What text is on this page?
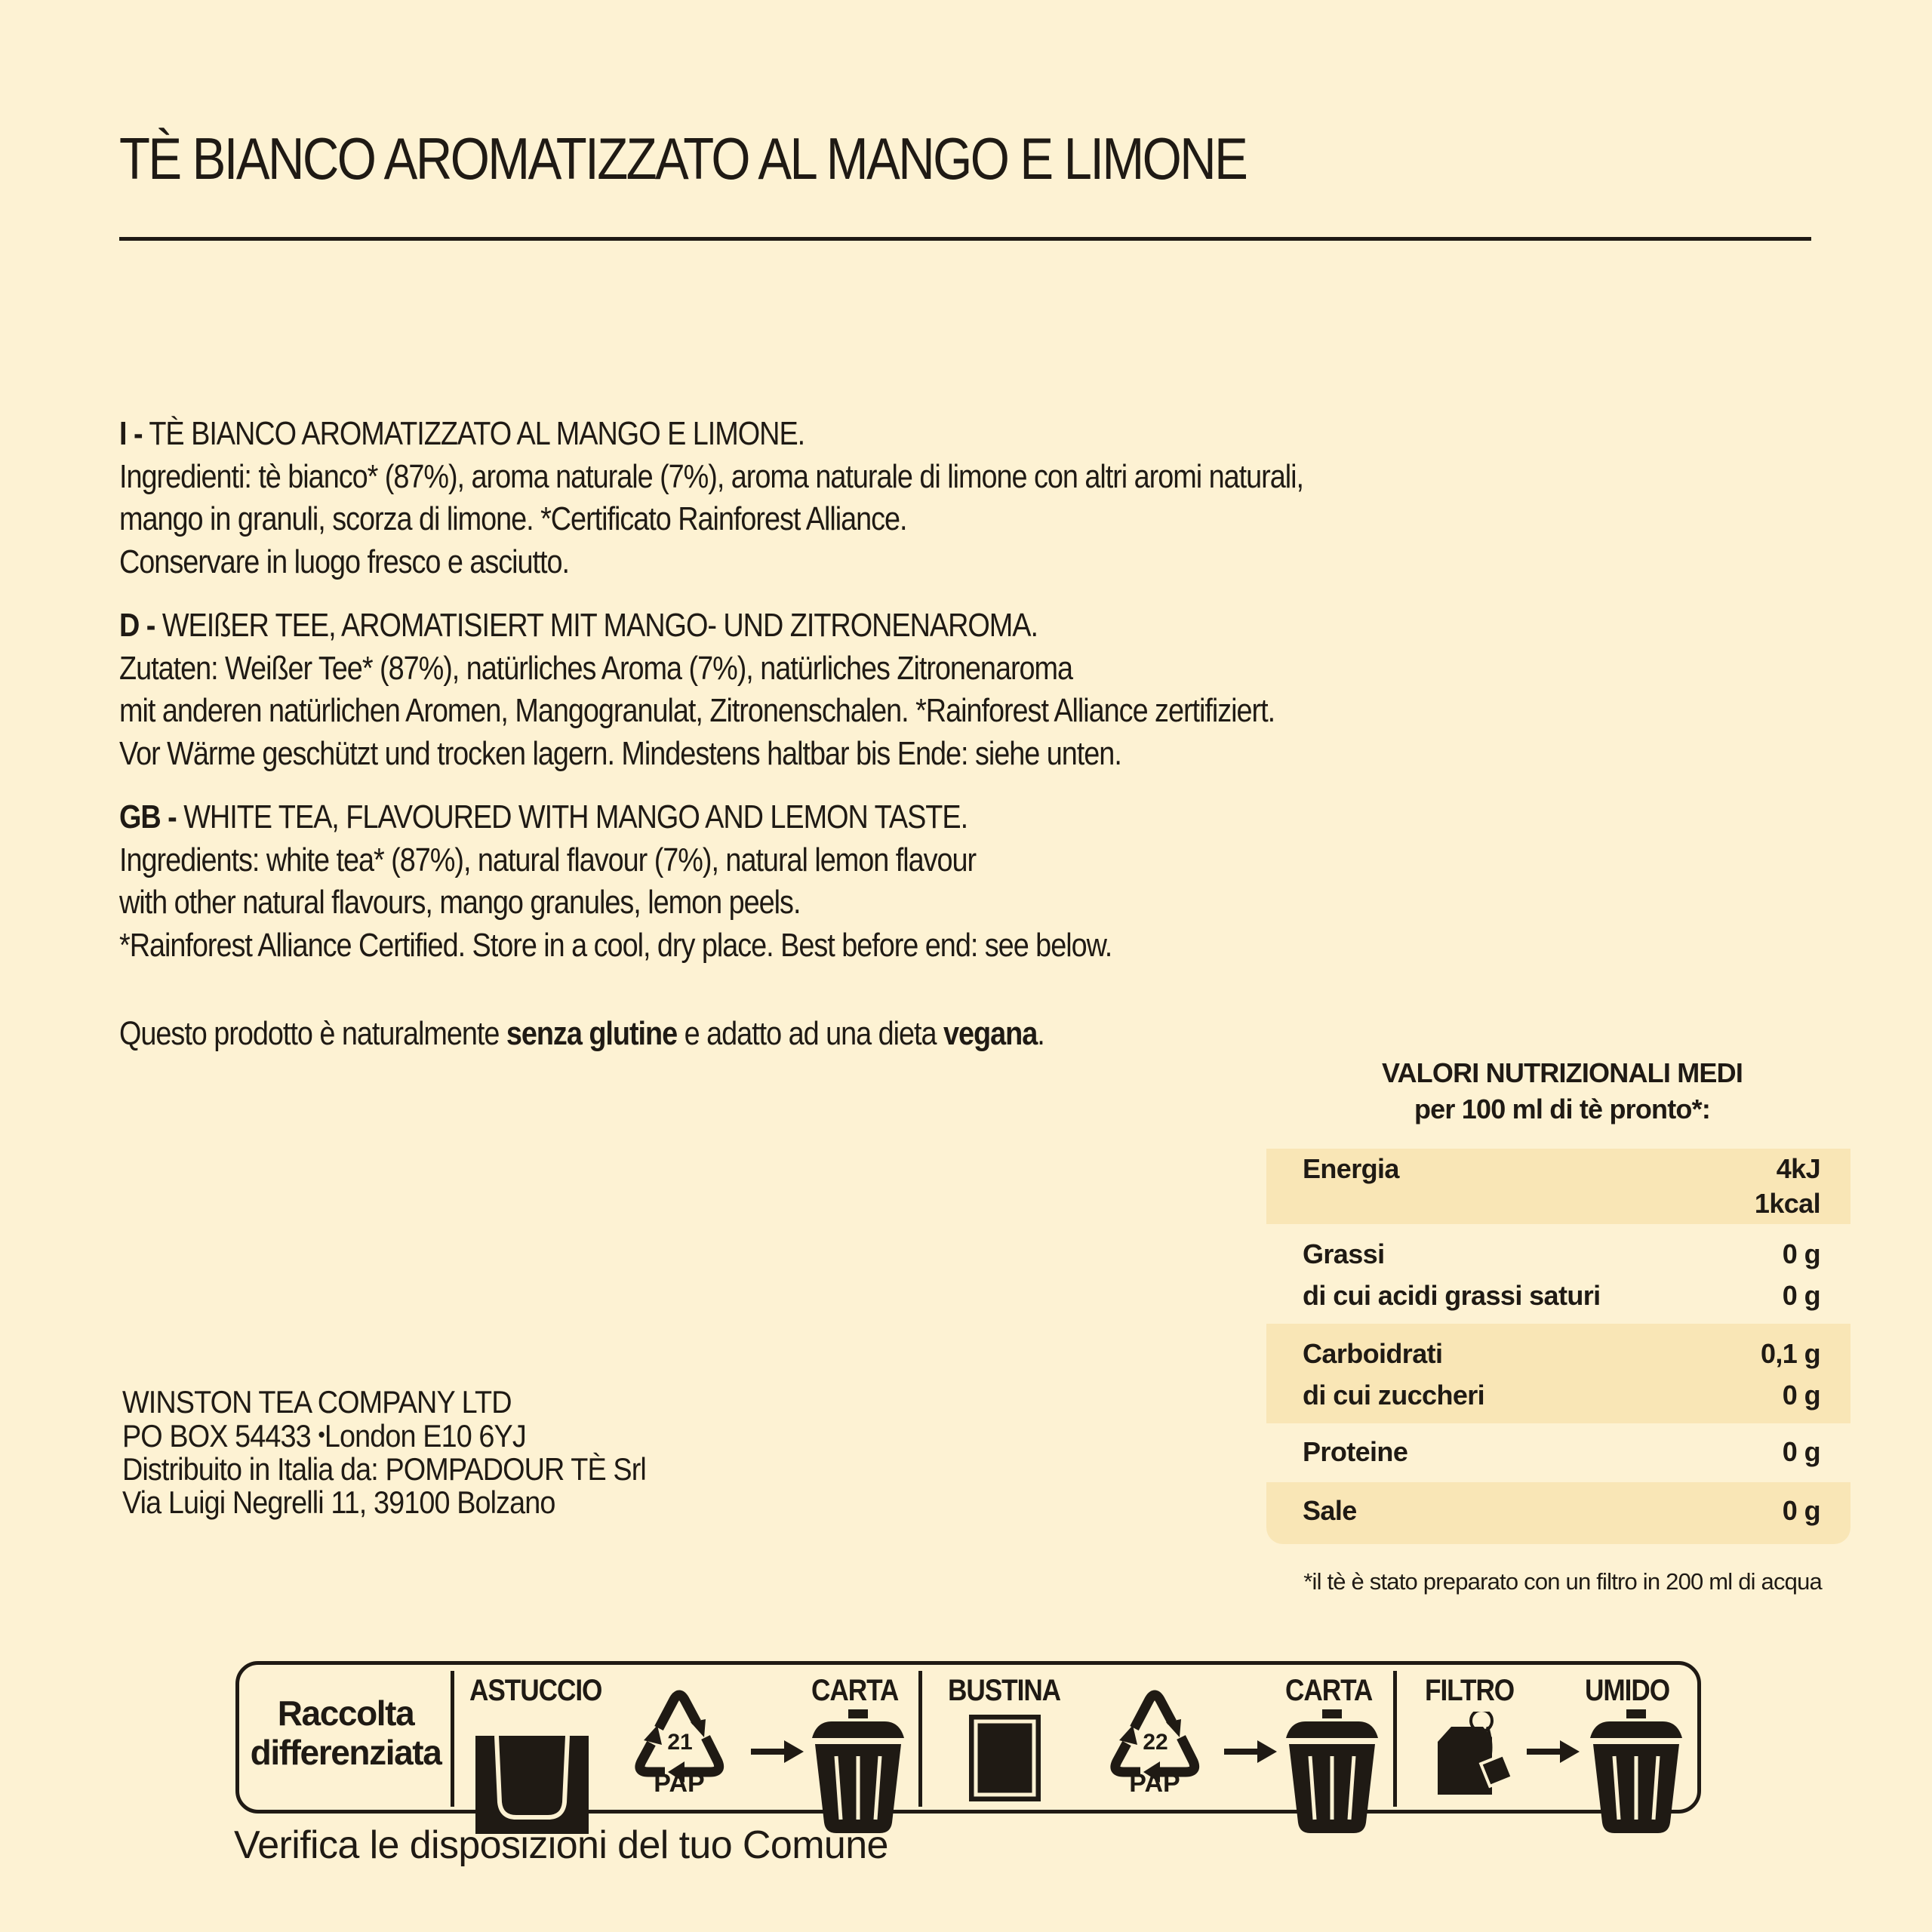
TÈ BIANCO AROMATIZZATO AL MANGO E LIMONE

I - TÈ BIANCO AROMATIZZATO AL MANGO E LIMONE.

Ingredienti: tè bianco* (87%), aroma naturale (7%), aroma naturale di limone con altri aromi naturali,

mango in granuli, scorza di limone. *Certificato Rainforest Alliance.

Conservare in luogo fresco e asciutto.

D - WEIßER TEE, AROMATISIERT MIT MANGO- UND ZITRONENAROMA.

Zutaten: Weißer Tee* (87%), natürliches Aroma (7%), natürliches Zitronenaroma

mit anderen natürlichen Aromen, Mangogranulat, Zitronenschalen. *Rainforest Alliance zertifiziert.

Vor Wärme geschützt und trocken lagern. Mindestens haltbar bis Ende: siehe unten.

GB - WHITE TEA, FLAVOURED WITH MANGO AND LEMON TASTE.

Ingredients: white tea* (87%), natural flavour (7%), natural lemon flavour

with other natural flavours, mango granules, lemon peels.

*Rainforest Alliance Certified. Store in a cool, dry place. Best before end: see below.

Questo prodotto è naturalmente senza glutine e adatto ad una dieta vegana.
VALORI NUTRIZIONALI MEDI
per 100 ml di tè pronto*:
Energia	4kJ
1kcal
Grassi	0 g
di cui acidi grassi saturi	0 g
Carboidrati	0,1 g
di cui zuccheri	0 g
Proteine	0 g
Sale	0 g
*il tè è stato preparato con un filtro in 200 ml di acqua

WINSTON TEA COMPANY LTD

PO BOX 54433 •London E10 6YJ

Distribuito in Italia da: POMPADOUR TÈ Srl

Via Luigi Negrelli 11, 39100 Bolzano

Raccolta
differenziata
ASTUCCIO
21
PAP
CARTA BUSTINA
22
PAP
CARTA FILTRO UMIDO
Verifica le disposizioni del tuo Comune
